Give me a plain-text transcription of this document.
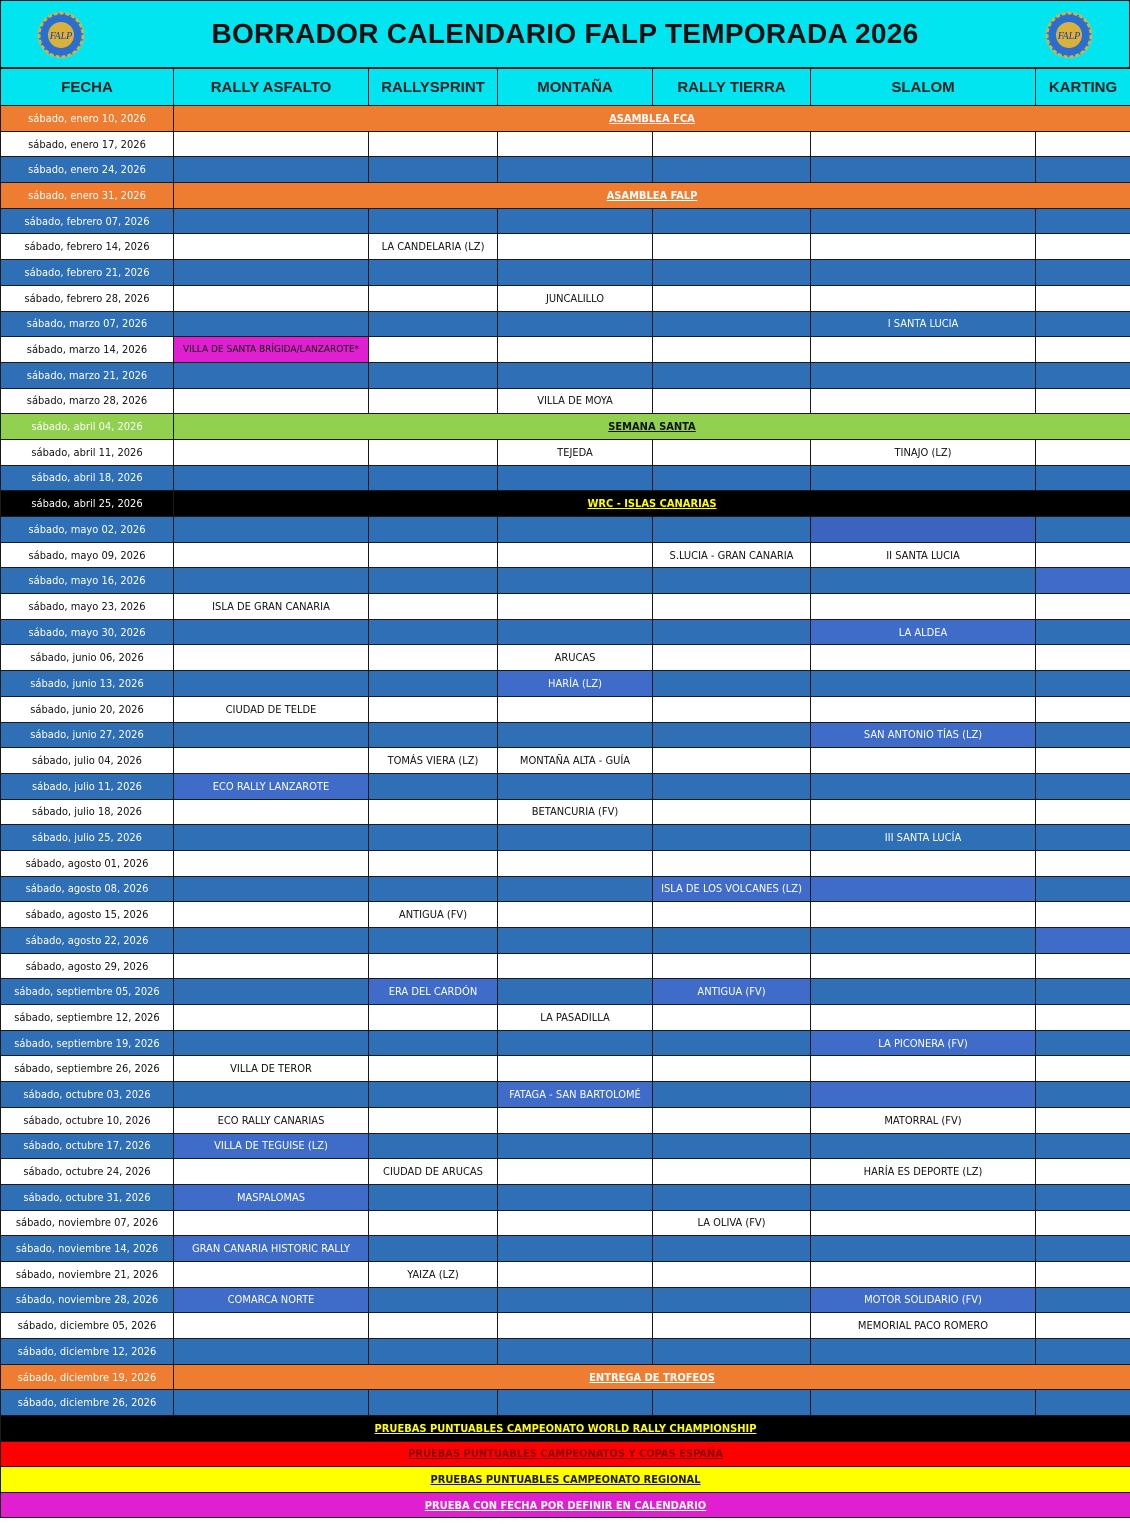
FALP	BORRADOR CALENDARIO FALP TEMPORADA 2026	FALP
FECHA	RALLY ASFALTO	RALLYSPRINT	MONTAÑA	RALLY TIERRA	SLALOM	KARTING
sábado, enero 10, 2026	ASAMBLEA FCA					
sábado, enero 17, 2026						
sábado, enero 24, 2026						
sábado, enero 31, 2026	ASAMBLEA FALP					
sábado, febrero 07, 2026						
sábado, febrero 14, 2026		LA CANDELARIA (LZ)				
sábado, febrero 21, 2026						
sábado, febrero 28, 2026			JUNCALILLO			
sábado, marzo 07, 2026					I SANTA LUCIA	
sábado, marzo 14, 2026	VILLA DE SANTA BRÍGIDA/LANZAROTE*					
sábado, marzo 21, 2026						
sábado, marzo 28, 2026			VILLA DE MOYA			
sábado, abril 04, 2026	SEMANA SANTA					
sábado, abril 11, 2026			TEJEDA		TINAJO (LZ)	
sábado, abril 18, 2026						
sábado, abril 25, 2026	WRC - ISLAS CANARIAS					
sábado, mayo 02, 2026						
sábado, mayo 09, 2026				S.LUCIA - GRAN CANARIA	II SANTA LUCIA	
sábado, mayo 16, 2026						
sábado, mayo 23, 2026	ISLA DE GRAN CANARIA					
sábado, mayo 30, 2026					LA ALDEA	
sábado, junio 06, 2026			ARUCAS			
sábado, junio 13, 2026			HARÍA (LZ)			
sábado, junio 20, 2026	CIUDAD DE TELDE					
sábado, junio 27, 2026					SAN ANTONIO TÍAS (LZ)	
sábado, julio 04, 2026		TOMÁS VIERA (LZ)	MONTAÑA ALTA - GUÍA			
sábado, julio 11, 2026	ECO RALLY LANZAROTE					
sábado, julio 18, 2026			BETANCURIA (FV)			
sábado, julio 25, 2026					III SANTA LUCÍA	
sábado, agosto 01, 2026						
sábado, agosto 08, 2026				ISLA DE LOS VOLCANES (LZ)		
sábado, agosto 15, 2026		ANTIGUA (FV)				
sábado, agosto 22, 2026						
sábado, agosto 29, 2026						
sábado, septiembre 05, 2026		ERA DEL CARDÓN		ANTIGUA (FV)		
sábado, septiembre 12, 2026			LA PASADILLA			
sábado, septiembre 19, 2026					LA PICONERA (FV)	
sábado, septiembre 26, 2026	VILLA DE TEROR					
sábado, octubre 03, 2026			FATAGA - SAN BARTOLOMÉ			
sábado, octubre 10, 2026	ECO RALLY CANARIAS				MATORRAL (FV)	
sábado, octubre 17, 2026	VILLA DE TEGUISE (LZ)					
sábado, octubre 24, 2026		CIUDAD DE ARUCAS			HARÍA ES DEPORTE (LZ)	
sábado, octubre 31, 2026	MASPALOMAS					
sábado, noviembre 07, 2026				LA OLIVA (FV)		
sábado, noviembre 14, 2026	GRAN CANARIA HISTORIC RALLY					
sábado, noviembre 21, 2026		YAIZA (LZ)				
sábado, noviembre 28, 2026	COMARCA NORTE				MOTOR SOLIDARIO (FV)	
sábado, diciembre 05, 2026					MEMORIAL PACO ROMERO	
sábado, diciembre 12, 2026						
sábado, diciembre 19, 2026	ENTREGA DE TROFEOS					
sábado, diciembre 26, 2026						
PRUEBAS PUNTUABLES CAMPEONATO WORLD RALLY CHAMPIONSHIP						
PRUEBAS PUNTUABLES CAMPEONATOS Y COPAS ESPAÑA						
PRUEBAS PUNTUABLES CAMPEONATO REGIONAL						
PRUEBA CON FECHA POR DEFINIR EN CALENDARIO						
